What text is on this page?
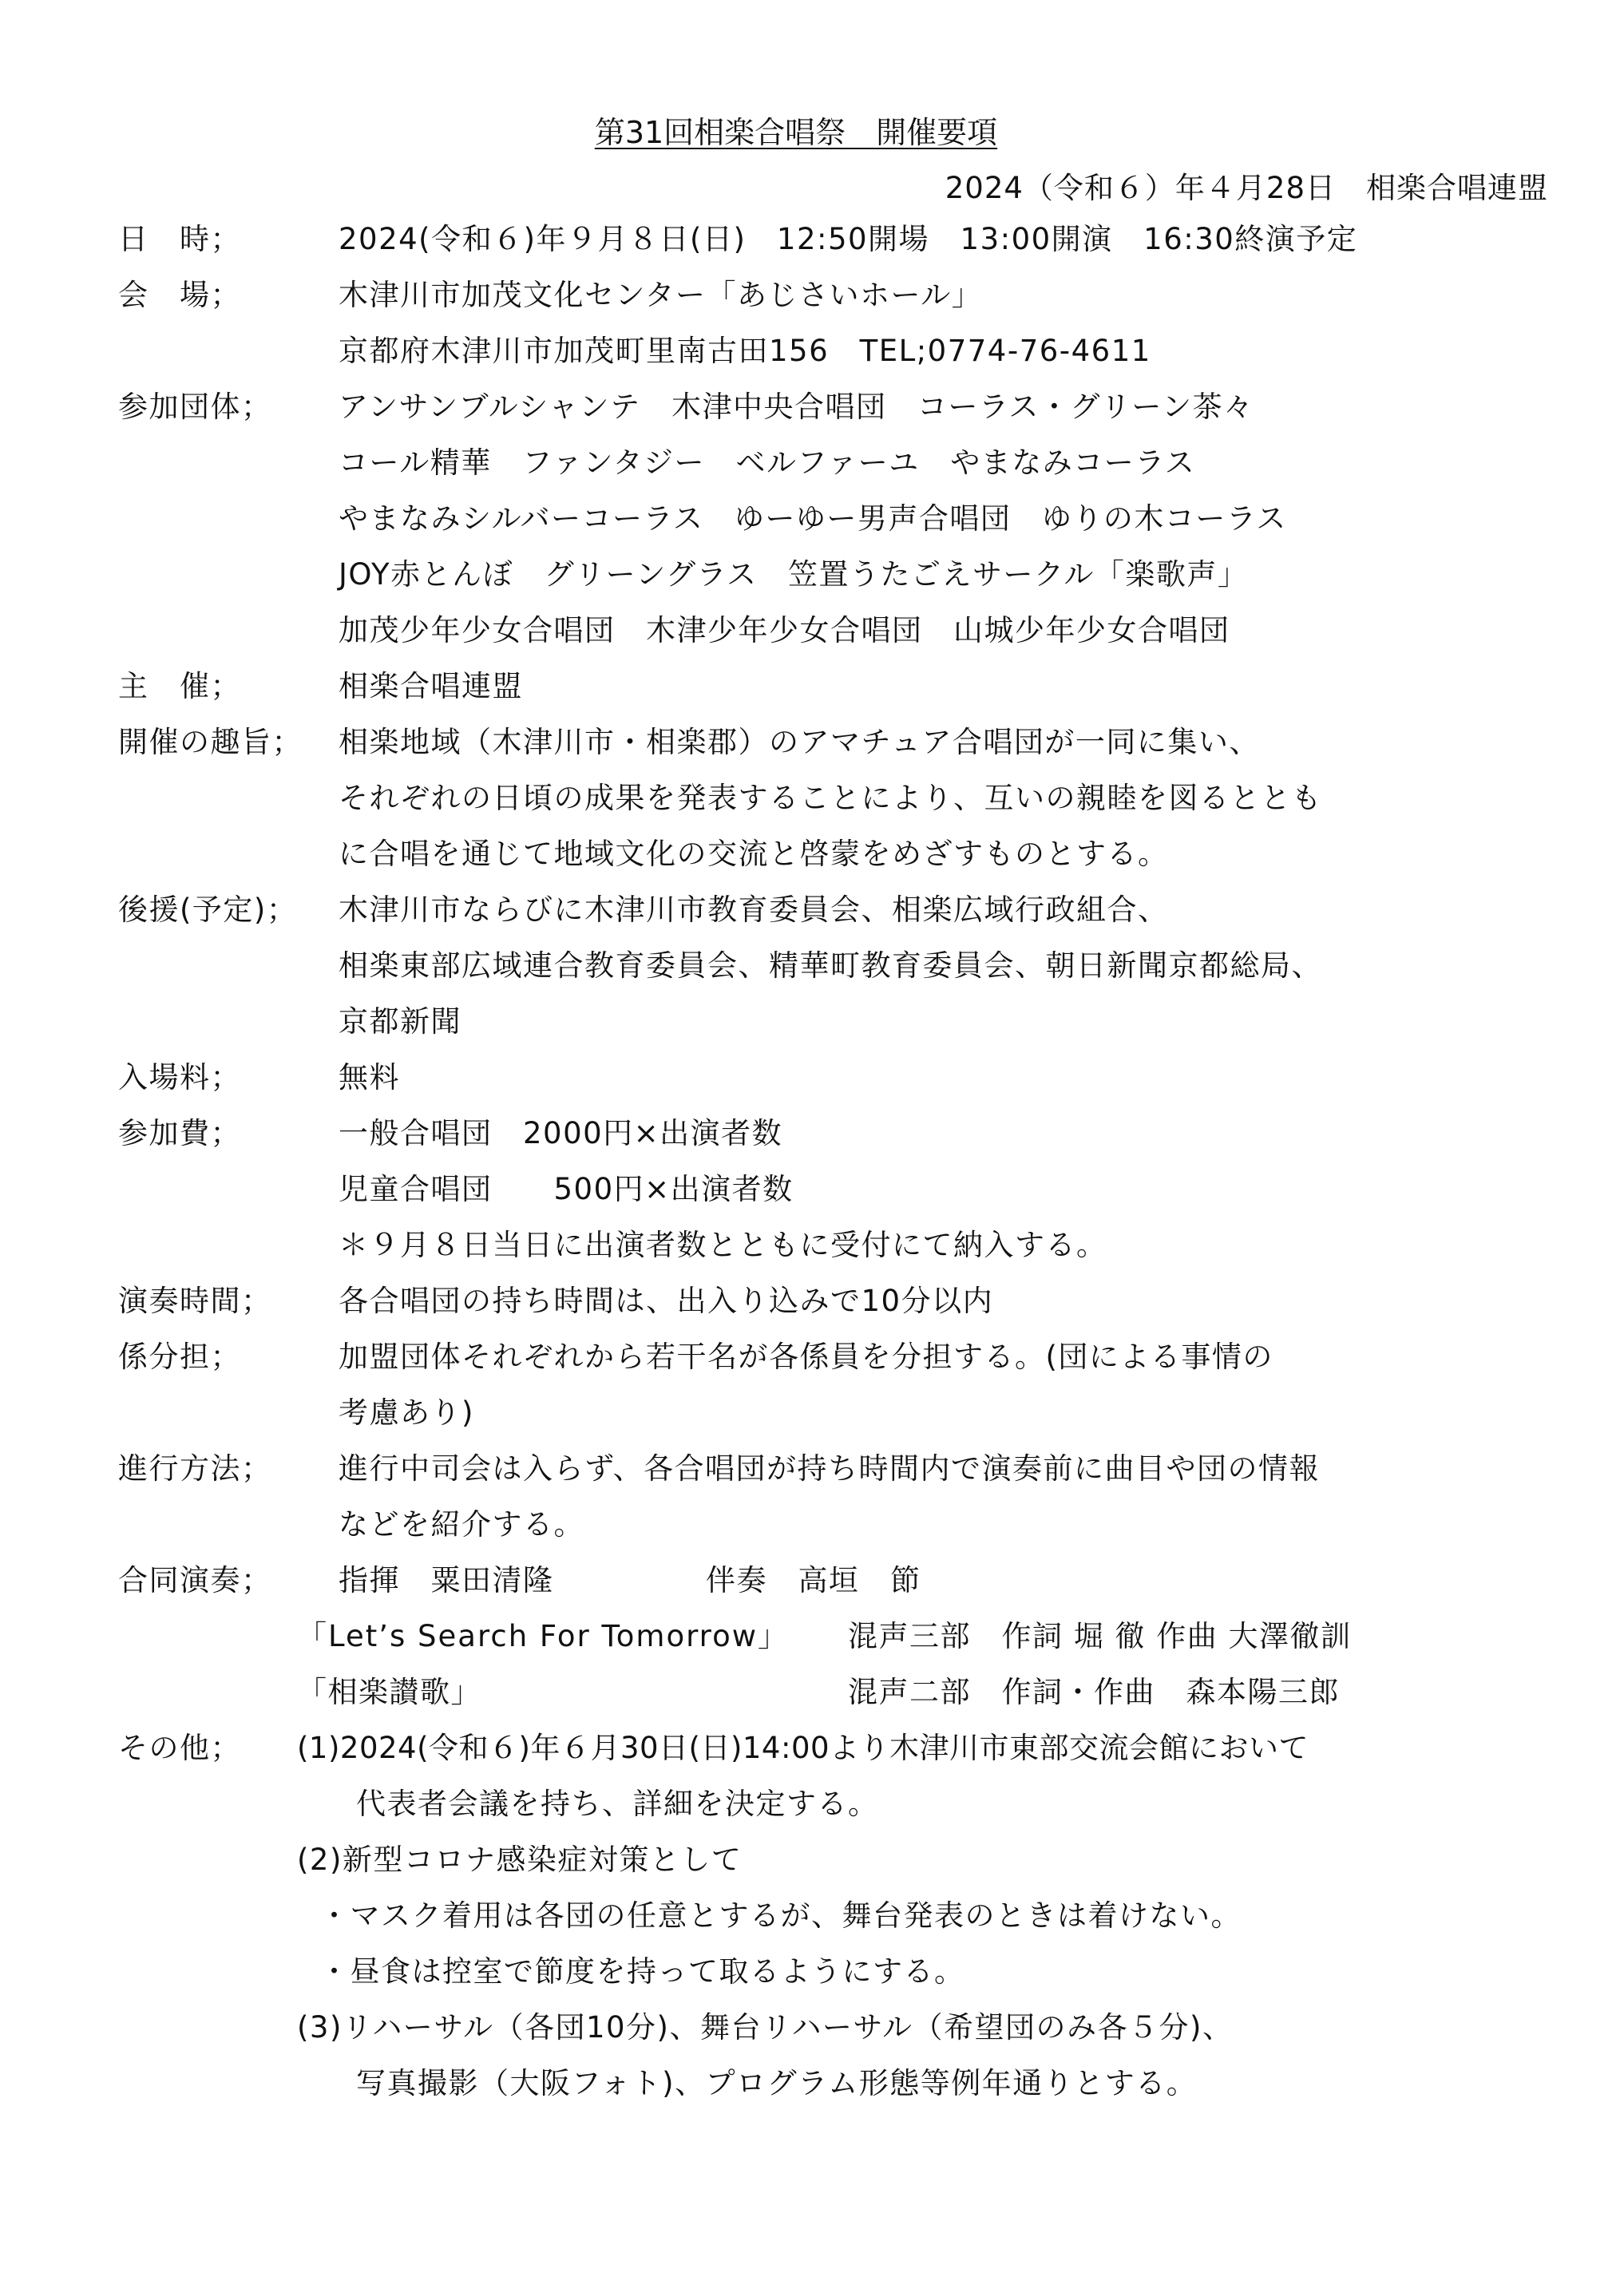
第31回相楽合唱祭　開催要項
2024（令和６）年４月28日　相楽合唱連盟
日　時；	2024(令和６)年９月８日(日)　12:50開場　13:00開演　16:30終演予定
会　場；	木津川市加茂文化センター「あじさいホール」
京都府木津川市加茂町里南古田156　TEL;0774-76-4611
参加団体； アンサンブルシャンテ　木津中央合唱団　コーラス・グリーン茶々
コール精華　ファンタジー　ベルファーユ　やまなみコーラス
やまなみシルバーコーラス　ゆーゆー男声合唱団　ゆりの木コーラス
JOY赤とんぼ　グリーングラス　笠置うたごえサークル「楽歌声」
加茂少年少女合唱団　木津少年少女合唱団　山城少年少女合唱団
主　催；	相楽合唱連盟
開催の趣旨； 相楽地域（木津川市・相楽郡）のアマチュア合唱団が一同に集い、
それぞれの日頃の成果を発表することにより、互いの親睦を図るととも
に合唱を通じて地域文化の交流と啓蒙をめざすものとする。
後援(予定)； 木津川市ならびに木津川市教育委員会、相楽広域行政組合、
相楽東部広域連合教育委員会、精華町教育委員会、朝日新聞京都総局、
京都新聞
入場料；	無料
参加費；	一般合唱団　2000円×出演者数
児童合唱団　　500円×出演者数
＊９月８日当日に出演者数とともに受付にて納入する。
演奏時間； 各合唱団の持ち時間は、出入り込みで10分以内
係分担；	加盟団体それぞれから若干名が各係員を分担する。(団による事情の
考慮あり)
進行方法； 進行中司会は入らず、各合唱団が持ち時間内で演奏前に曲目や団の情報
などを紹介する。
合同演奏； 指揮　粟田清隆	伴奏　高垣　節
「Let’s Search For Tomorrow」 混声三部　作詞 堀 徹 作曲 大澤徹訓
「相楽讃歌」	混声二部　作詞・作曲　森本陽三郎
その他； (1)2024(令和６)年６月30日(日)14:00より木津川市東部交流会館において
代表者会議を持ち、詳細を決定する。
(2)新型コロナ感染症対策として
・マスク着用は各団の任意とするが、舞台発表のときは着けない。
・昼食は控室で節度を持って取るようにする。
(3)リハーサル（各団10分)、舞台リハーサル（希望団のみ各５分)、
写真撮影（大阪フォト)、プログラム形態等例年通りとする。
